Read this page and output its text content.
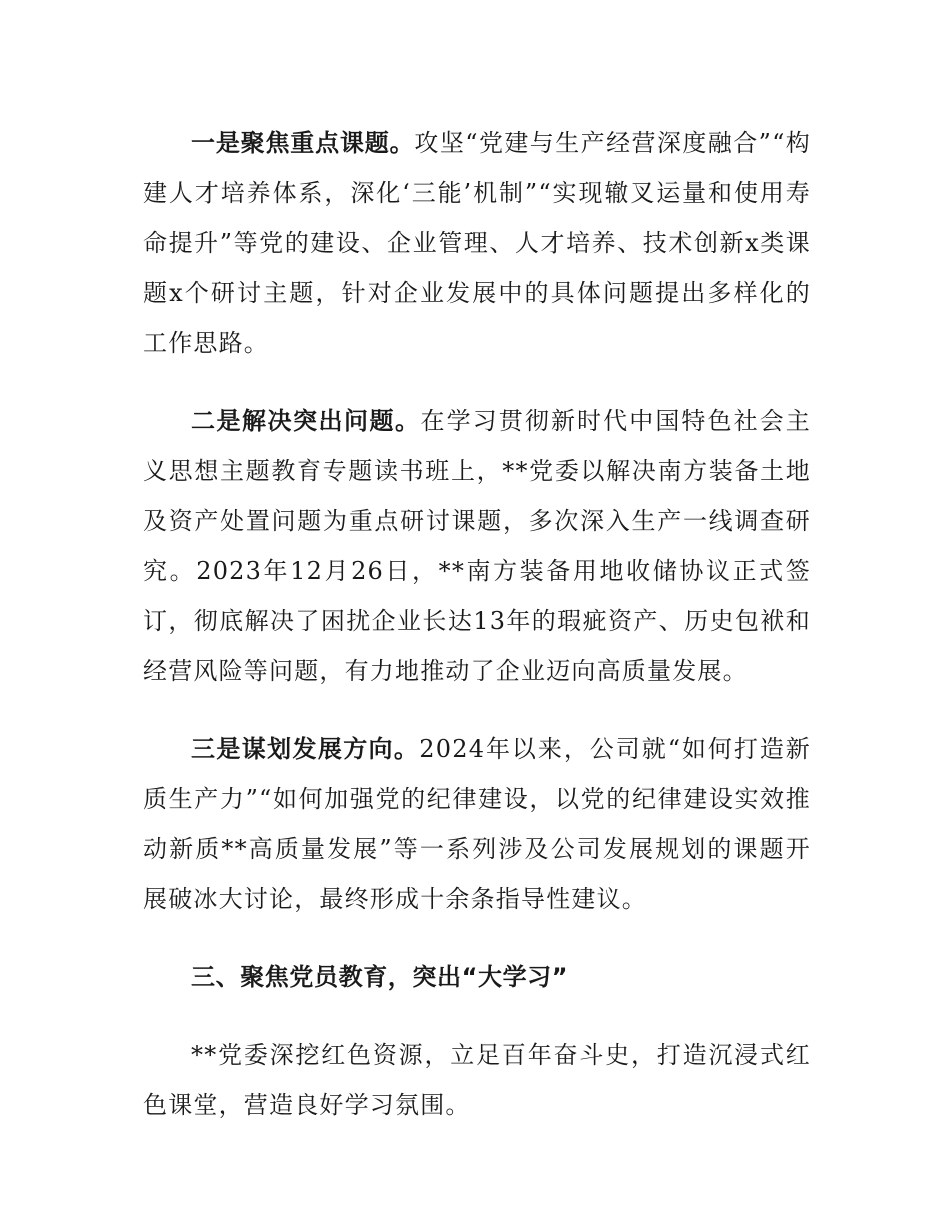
一是聚焦重点课题。攻坚“党建与生产经营深度融合”“构建人才培养体系，深化‘三能’机制”“实现辙叉运量和使用寿命提升”等党的建设、企业管理、人才培养、技术创新x类课题x个研讨主题，针对企业发展中的具体问题提出多样化的工作思路。

二是解决突出问题。在学习贯彻新时代中国特色社会主义思想主题教育专题读书班上，**党委以解决南方装备土地及资产处置问题为重点研讨课题，多次深入生产一线调查研究。2023年12月26日，**南方装备用地收储协议正式签订，彻底解决了困扰企业长达13年的瑕疵资产、历史包袱和经营风险等问题，有力地推动了企业迈向高质量发展。

三是谋划发展方向。2024年以来，公司就“如何打造新质生产力”“如何加强党的纪律建设，以党的纪律建设实效推动新质**高质量发展”等一系列涉及公司发展规划的课题开展破冰大讨论，最终形成十余条指导性建议。

三、聚焦党员教育，突出“大学习”

**党委深挖红色资源，立足百年奋斗史，打造沉浸式红色课堂，营造良好学习氛围。
